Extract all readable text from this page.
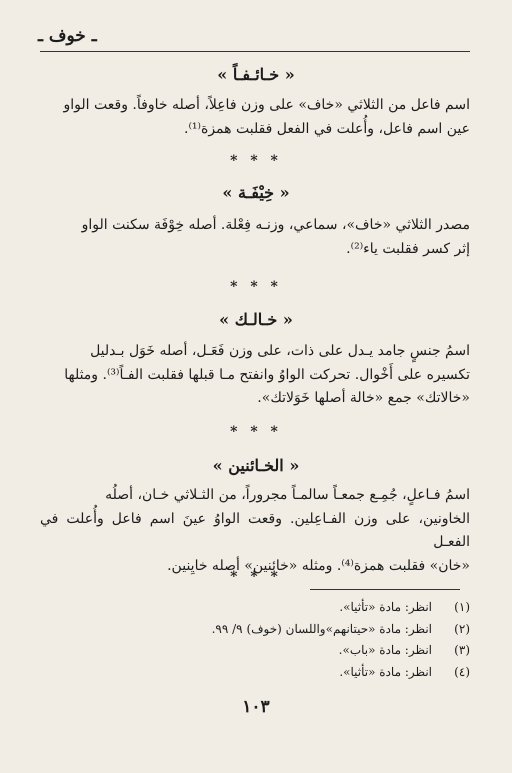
ـ خوف ـ
« خـائـفـاً »
اسم فاعل من الثلاثي «خاف» على وزن فاعِلاً، أصله خاوفاً. وقعت الواو
عين اسم فاعل، وأُعلت في الفعل فقلبت همزة⁽¹⁾.
* * *
« خِيْفَـة »
مصدر الثلاثي «خاف»، سماعي، وزنـه فِعْلة. أصله خِوْفَة سكنت الواو
إثر كسر فقلبت ياء⁽²⁾.
* * *
« خـالـك »
اسمُ جنسٍ جامد يـدل على ذات، على وزن فَعَـل، أصله خَوَل بـدليل
تكسيره على أَخْوال. تحركت الواوُ وانفتح مـا قبلها فقلبت الفـاً⁽³⁾. ومثلها
«خالاتك» جمع «خالة أصلها خَوَلاتك».
* * *
« الخـائنين »
اسمُ فـاعلٍ، جُمِـع جمعـاً سالمـاً مجروراً، من الثـلاثي خـان، أصلُه
الخاونين، على وزن الفـاعِلين. وقعت الواوُ عينَ اسم فاعل وأُعلت في الفعـل
«خان» فقلبت همزة⁽⁴⁾. ومثله «خائنين» أصله خايِنين.
* * *
(١)
انظر: مادة «تأثيا».
(٢)
انظر: مادة «حيتانهم»واللسان (خوف) ٩/ ٩٩.
(٣)
انظر: مادة «باب».
(٤)
انظر: مادة «تأثيا».
١٠٣
